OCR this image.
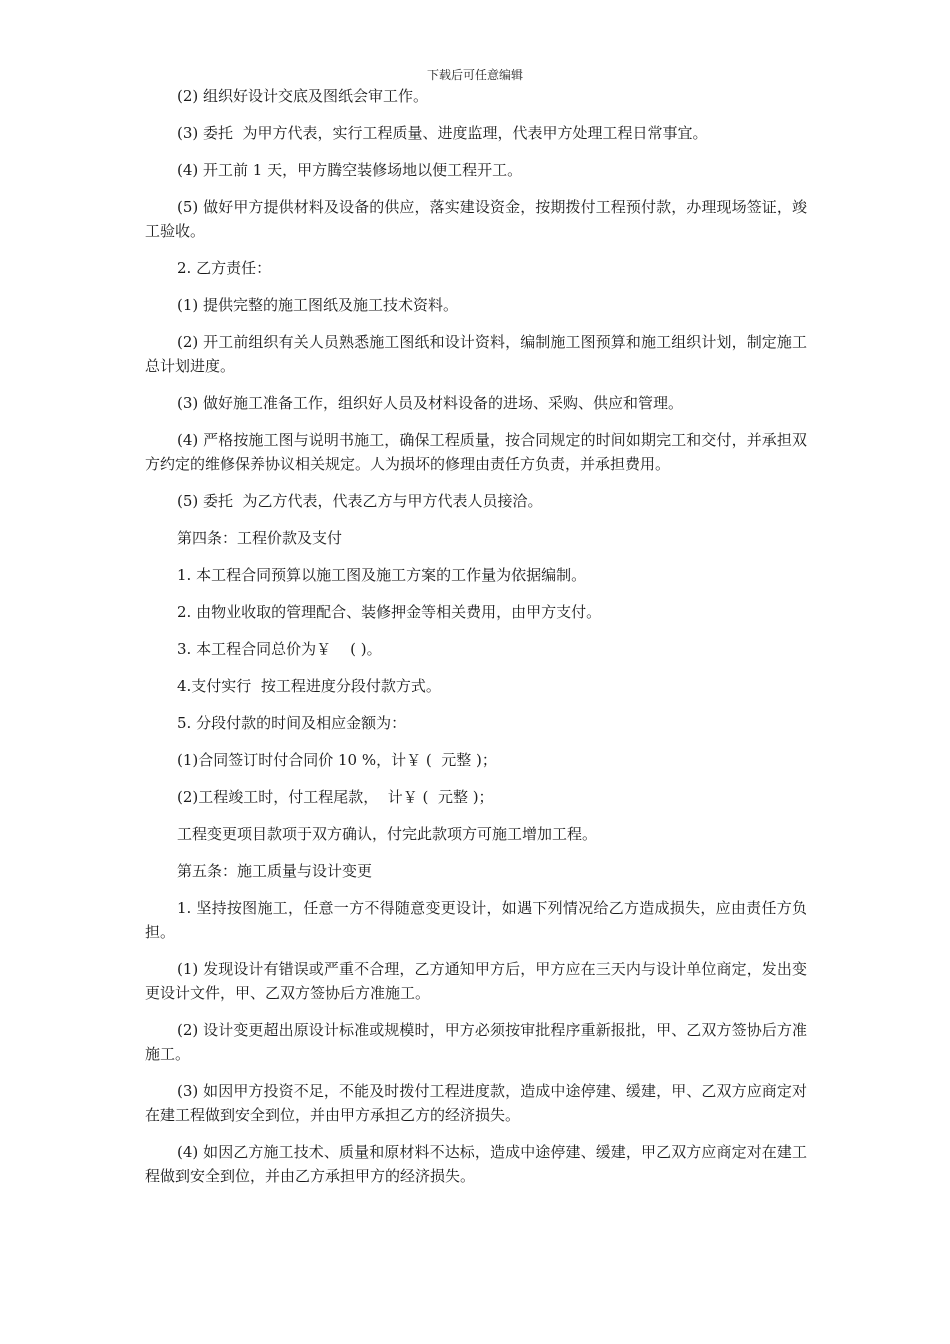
下载后可任意编辑

(2) 组织好设计交底及图纸会审工作。

(3) 委托  为甲方代表，实行工程质量、进度监理，代表甲方处理工程日常事宜。

(4) 开工前 1 天，甲方腾空装修场地以便工程开工。

(5) 做好甲方提供材料及设备的供应，落实建设资金，按期拨付工程预付款，办理现场签证，竣工验收。

2. 乙方责任：

(1) 提供完整的施工图纸及施工技术资料。

(2) 开工前组织有关人员熟悉施工图纸和设计资料，编制施工图预算和施工组织计划，制定施工总计划进度。

(3) 做好施工准备工作，组织好人员及材料设备的进场、采购、供应和管理。

(4) 严格按施工图与说明书施工，确保工程质量，按合同规定的时间如期完工和交付，并承担双方约定的维修保养协议相关规定。人为损坏的修理由责任方负责，并承担费用。

(5) 委托  为乙方代表，代表乙方与甲方代表人员接洽。

第四条：工程价款及支付

1. 本工程合同预算以施工图及施工方案的工作量为依据编制。

2. 由物业收取的管理配合、装修押金等相关费用，由甲方支付。

3. 本工程合同总价为￥    ( )。

4.支付实行  按工程进度分段付款方式。

5. 分段付款的时间及相应金额为：

(1)合同签订时付合同价 10 %，计￥ (  元整 )；

(2)工程竣工时，付工程尾款，  计￥ (  元整 )；

工程变更项目款项于双方确认，付完此款项方可施工增加工程。

第五条：施工质量与设计变更

1. 坚持按图施工，任意一方不得随意变更设计，如遇下列情况给乙方造成损失，应由责任方负担。

(1) 发现设计有错误或严重不合理，乙方通知甲方后，甲方应在三天内与设计单位商定，发出变更设计文件，甲、乙双方签协后方准施工。

(2) 设计变更超出原设计标准或规模时，甲方必须按审批程序重新报批，甲、乙双方签协后方准施工。

(3) 如因甲方投资不足，不能及时拨付工程进度款，造成中途停建、缓建，甲、乙双方应商定对在建工程做到安全到位，并由甲方承担乙方的经济损失。

(4) 如因乙方施工技术、质量和原材料不达标，造成中途停建、缓建，甲乙双方应商定对在建工程做到安全到位，并由乙方承担甲方的经济损失。
